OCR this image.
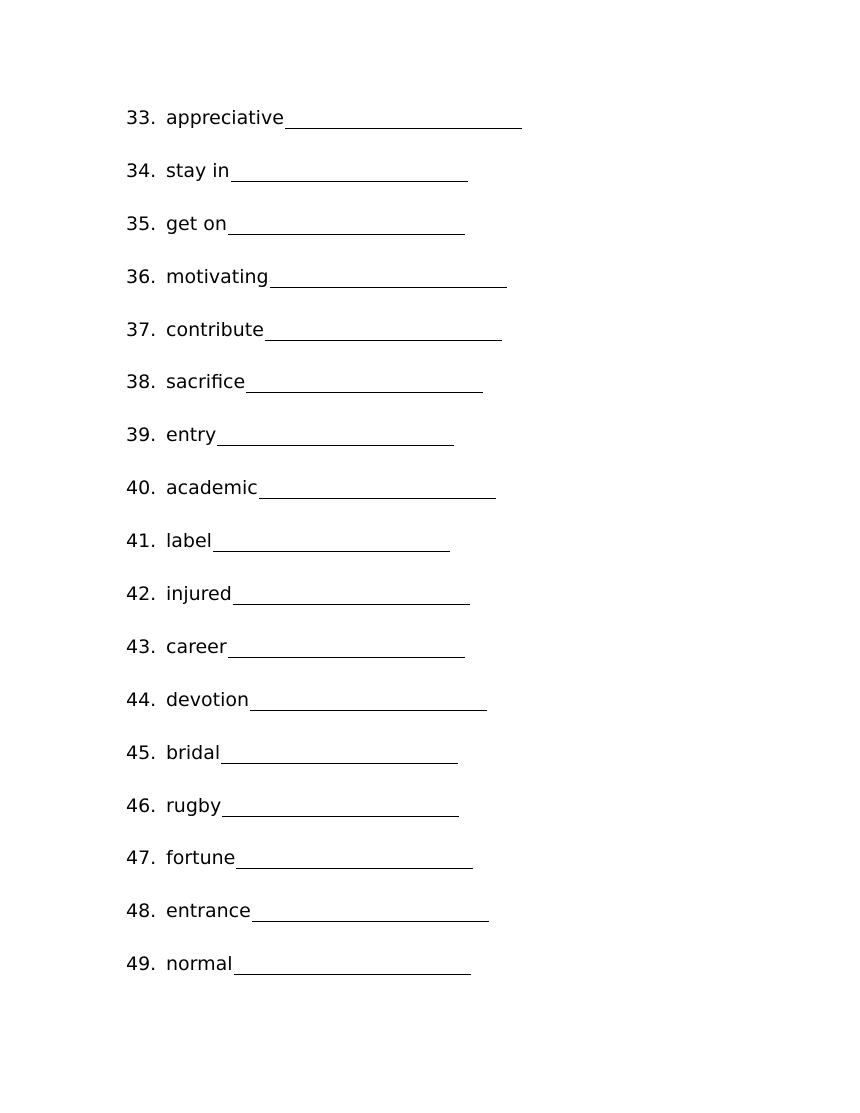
33. appreciative
34. stay in
35. get on
36. motivating
37. contribute
38. sacrifice
39. entry
40. academic
41. label
42. injured
43. career
44. devotion
45. bridal
46. rugby
47. fortune
48. entrance
49. normal
